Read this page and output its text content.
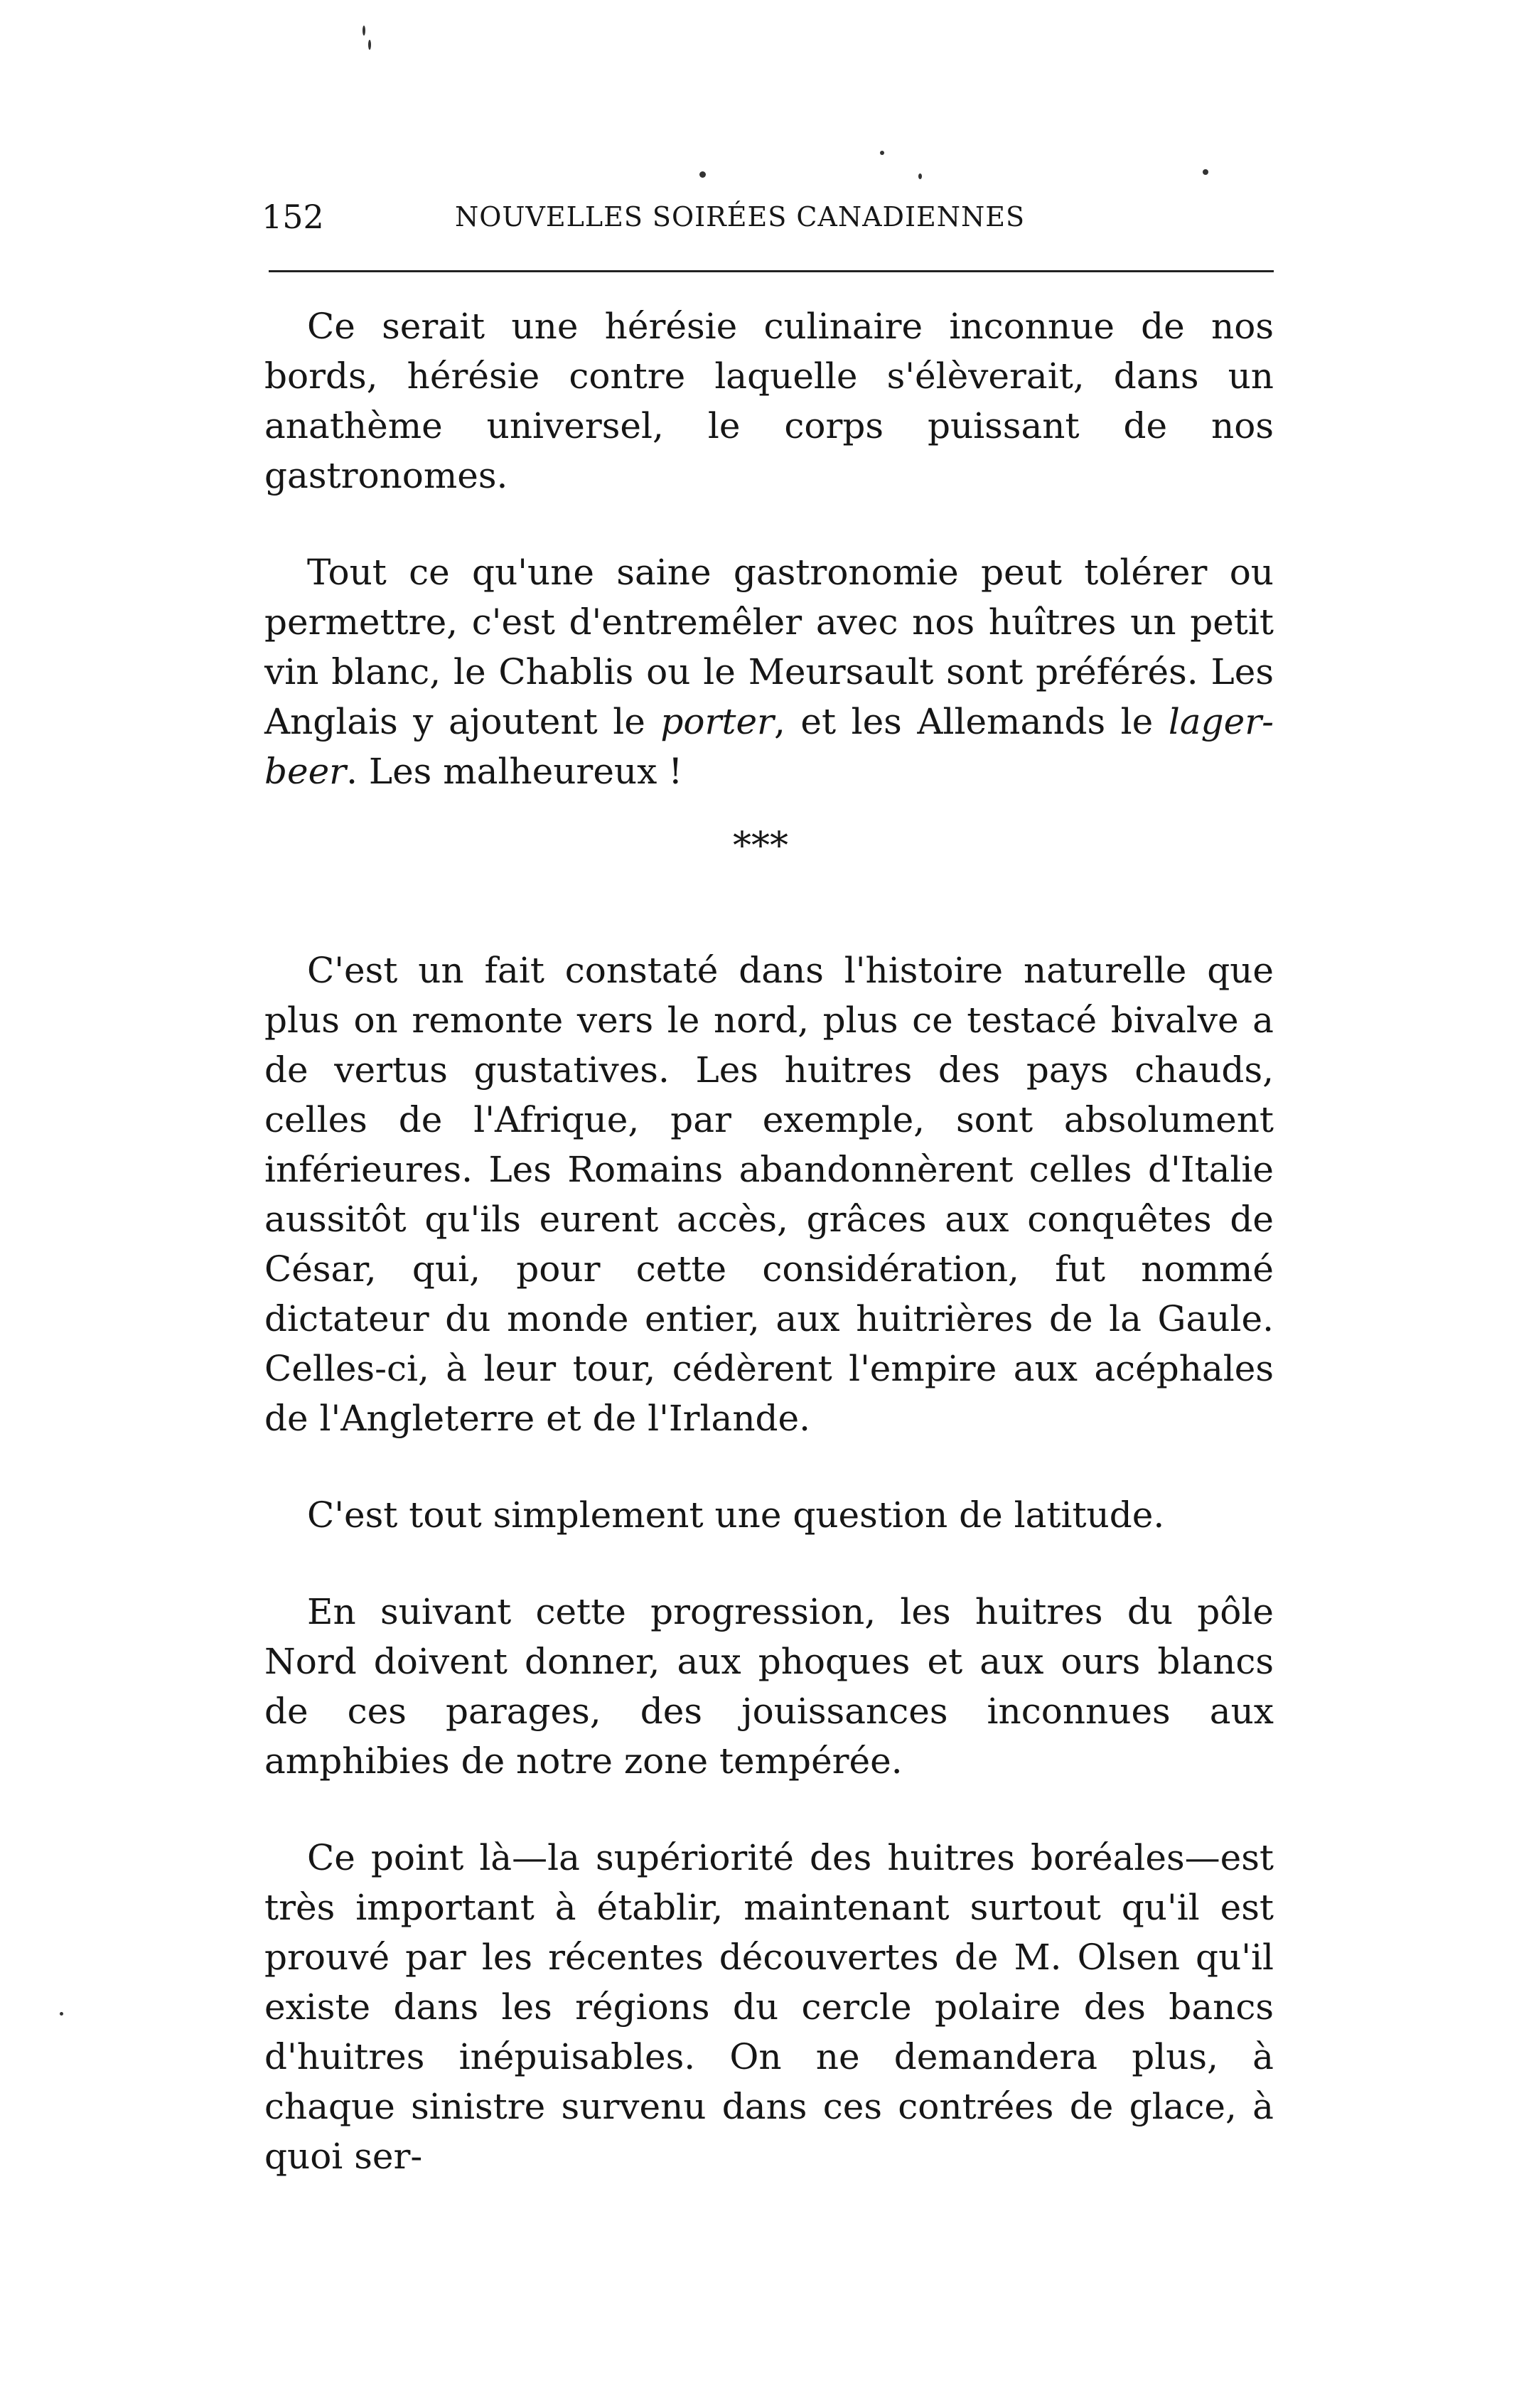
152	NOUVELLES SOIRÉES CANADIENNES

Ce serait une hérésie culinaire inconnue de nos bords, hérésie contre laquelle s'élèverait, dans un anathème universel, le corps puissant de nos gastronomes.

Tout ce qu'une saine gastronomie peut tolérer ou permettre, c'est d'entremêler avec nos huîtres un petit vin blanc, le Chablis ou le Meursault sont préférés. Les Anglais y ajoutent le porter, et les Allemands le lager-beer. Les malheureux !

***

C'est un fait constaté dans l'histoire naturelle que plus on remonte vers le nord, plus ce testacé bivalve a de vertus gustatives. Les huitres des pays chauds, celles de l'Afrique, par exemple, sont absolument inférieures. Les Romains abandonnèrent celles d'Italie aussitôt qu'ils eurent accès, grâces aux conquêtes de César, qui, pour cette considération, fut nommé dictateur du monde entier, aux huitrières de la Gaule. Celles-ci, à leur tour, cédèrent l'empire aux acéphales de l'Angleterre et de l'Irlande.

C'est tout simplement une question de latitude.

En suivant cette progression, les huitres du pôle Nord doivent donner, aux phoques et aux ours blancs de ces parages, des jouissances inconnues aux amphibies de notre zone tempérée.

Ce point là—la supériorité des huitres boréales—est très important à établir, maintenant surtout qu'il est prouvé par les récentes découvertes de M. Olsen qu'il existe dans les régions du cercle polaire des bancs d'huitres inépuisables. On ne demandera plus, à chaque sinistre survenu dans ces contrées de glace, à quoi ser-
